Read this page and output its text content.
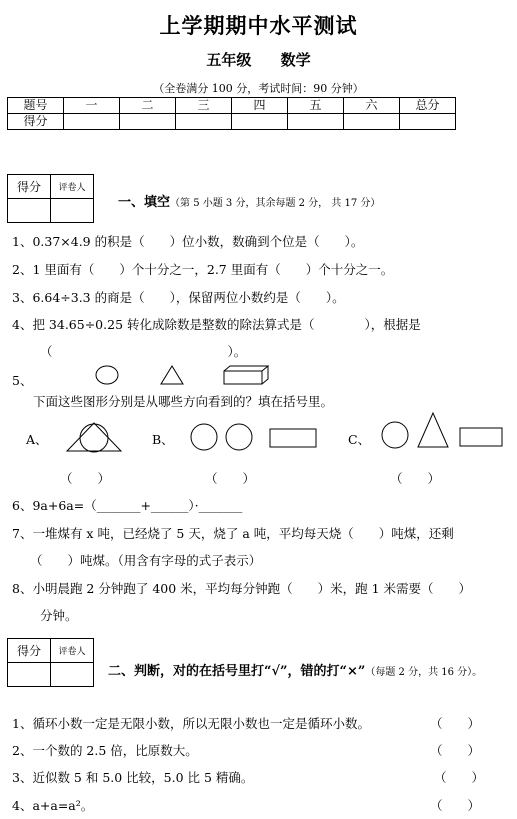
上学期期中水平测试
五年级 数学
（全卷满分 100 分，考试时间：90 分钟）
题号	一	二	三	四	五	六	总分
得分							
得分	评卷人

一、填空（第 5 小题 3 分，其余每题 2 分， 共 17 分）
1、0.37×4.9 的积是（　　）位小数，数确到个位是（　　）。
2、1 里面有（　　）个十分之一，2.7 里面有（　　）个十分之一。
3、6.64÷3.3 的商是（　　），保留两位小数约是（　　）。
4、把 34.65÷0.25 转化成除数是整数的除法算式是（　　　　），根据是
（　　　　　　　　　　　　　　）。
5、
下面这些图形分别是从哪些方向看到的？填在括号里。
A、	B、	C、
（　　）	（　　）	（　　）
6、9a+6a=（_______+______）·_______
7、一堆煤有 x 吨，已经烧了 5 天，烧了 a 吨，平均每天烧（　　）吨煤，还剩
（　　）吨煤。（用含有字母的式子表示）
8、小明晨跑 2 分钟跑了 400 米，平均每分钟跑（　　）米，跑 1 米需要（　　）
分钟。
得分	评卷人

二、判断，对的在括号里打“√”，错的打“×”（每题 2 分，共 16 分）。
1、循环小数一定是无限小数，所以无限小数也一定是循环小数。	（　　）
2、一个数的 2.5 倍，比原数大。	（　　）
3、近似数 5 和 5.0 比较，5.0 比 5 精确。	（　　）
4、a+a=a²。	（　　）
